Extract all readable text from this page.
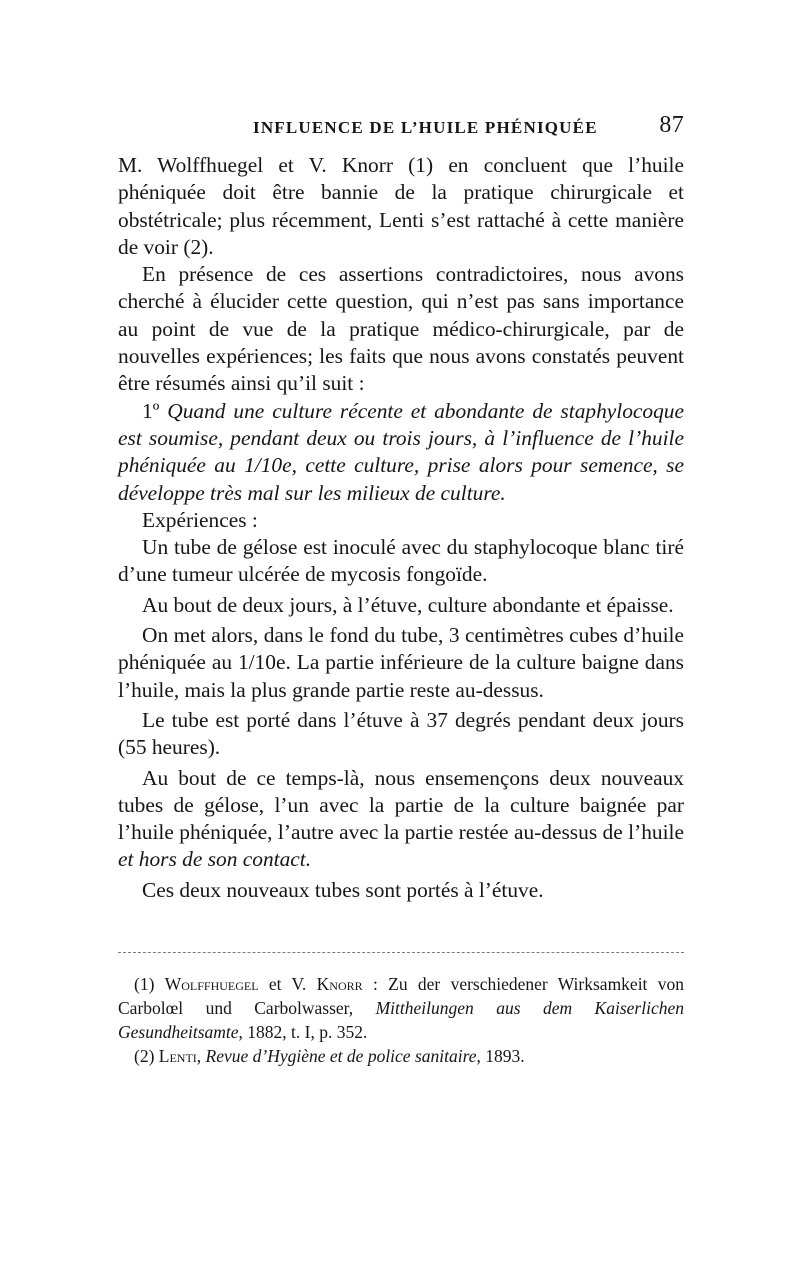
INFLUENCE DE L’HUILE PHÉNIQUÉE	87

M. Wolffhuegel et V. Knorr (1) en concluent que l’huile phéniquée doit être bannie de la pratique chirurgicale et obstétricale; plus récemment, Lenti s’est rattaché à cette manière de voir (2).

En présence de ces assertions contradictoires, nous avons cherché à élucider cette question, qui n’est pas sans importance au point de vue de la pratique médico-chirurgicale, par de nouvelles expériences; les faits que nous avons constatés peuvent être résumés ainsi qu’il suit :

1º Quand une culture récente et abondante de staphylocoque est soumise, pendant deux ou trois jours, à l’influence de l’huile phéniquée au 1/10e, cette culture, prise alors pour semence, se développe très mal sur les milieux de culture.

Expériences :

Un tube de gélose est inoculé avec du staphylocoque blanc tiré d’une tumeur ulcérée de mycosis fongoïde.

Au bout de deux jours, à l’étuve, culture abondante et épaisse.

On met alors, dans le fond du tube, 3 centimètres cubes d’huile phéniquée au 1/10e. La partie inférieure de la culture baigne dans l’huile, mais la plus grande partie reste au-dessus.

Le tube est porté dans l’étuve à 37 degrés pendant deux jours (55 heures).

Au bout de ce temps-là, nous ensemençons deux nouveaux tubes de gélose, l’un avec la partie de la culture baignée par l’huile phéniquée, l’autre avec la partie restée au-dessus de l’huile et hors de son contact.

Ces deux nouveaux tubes sont portés à l’étuve.

(1) Wolffhuegel et V. Knorr : Zu der verschiedener Wirksamkeit von Carbolœl und Carbolwasser, Mittheilungen aus dem Kaiserlichen Gesundheitsamte, 1882, t. I, p. 352.

(2) Lenti, Revue d’Hygiène et de police sanitaire, 1893.
